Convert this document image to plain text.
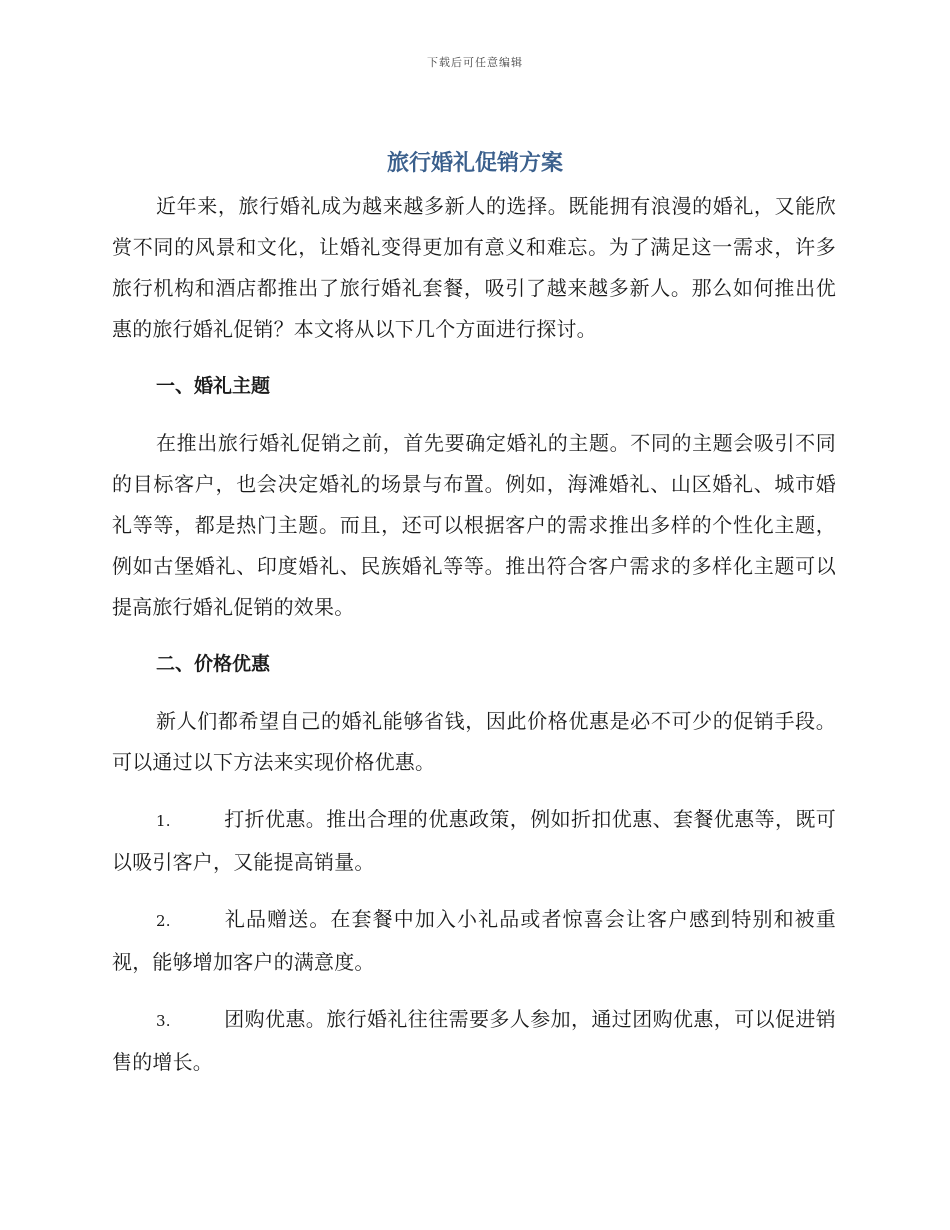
下载后可任意编辑
旅行婚礼促销方案

近年来，旅行婚礼成为越来越多新人的选择。既能拥有浪漫的婚礼，又能欣赏不同的风景和文化，让婚礼变得更加有意义和难忘。为了满足这一需求，许多旅行机构和酒店都推出了旅行婚礼套餐，吸引了越来越多新人。那么如何推出优惠的旅行婚礼促销？本文将从以下几个方面进行探讨。

一、婚礼主题

在推出旅行婚礼促销之前，首先要确定婚礼的主题。不同的主题会吸引不同的目标客户，也会决定婚礼的场景与布置。例如，海滩婚礼、山区婚礼、城市婚礼等等，都是热门主题。而且，还可以根据客户的需求推出多样的个性化主题，例如古堡婚礼、印度婚礼、民族婚礼等等。推出符合客户需求的多样化主题可以提高旅行婚礼促销的效果。

二、价格优惠

新人们都希望自己的婚礼能够省钱，因此价格优惠是必不可少的促销手段。可以通过以下方法来实现价格优惠。

1.	打折优惠。推出合理的优惠政策，例如折扣优惠、套餐优惠等，既可以吸引客户，又能提高销量。

2.	礼品赠送。在套餐中加入小礼品或者惊喜会让客户感到特别和被重视，能够增加客户的满意度。

3.	团购优惠。旅行婚礼往往需要多人参加，通过团购优惠，可以促进销售的增长。
